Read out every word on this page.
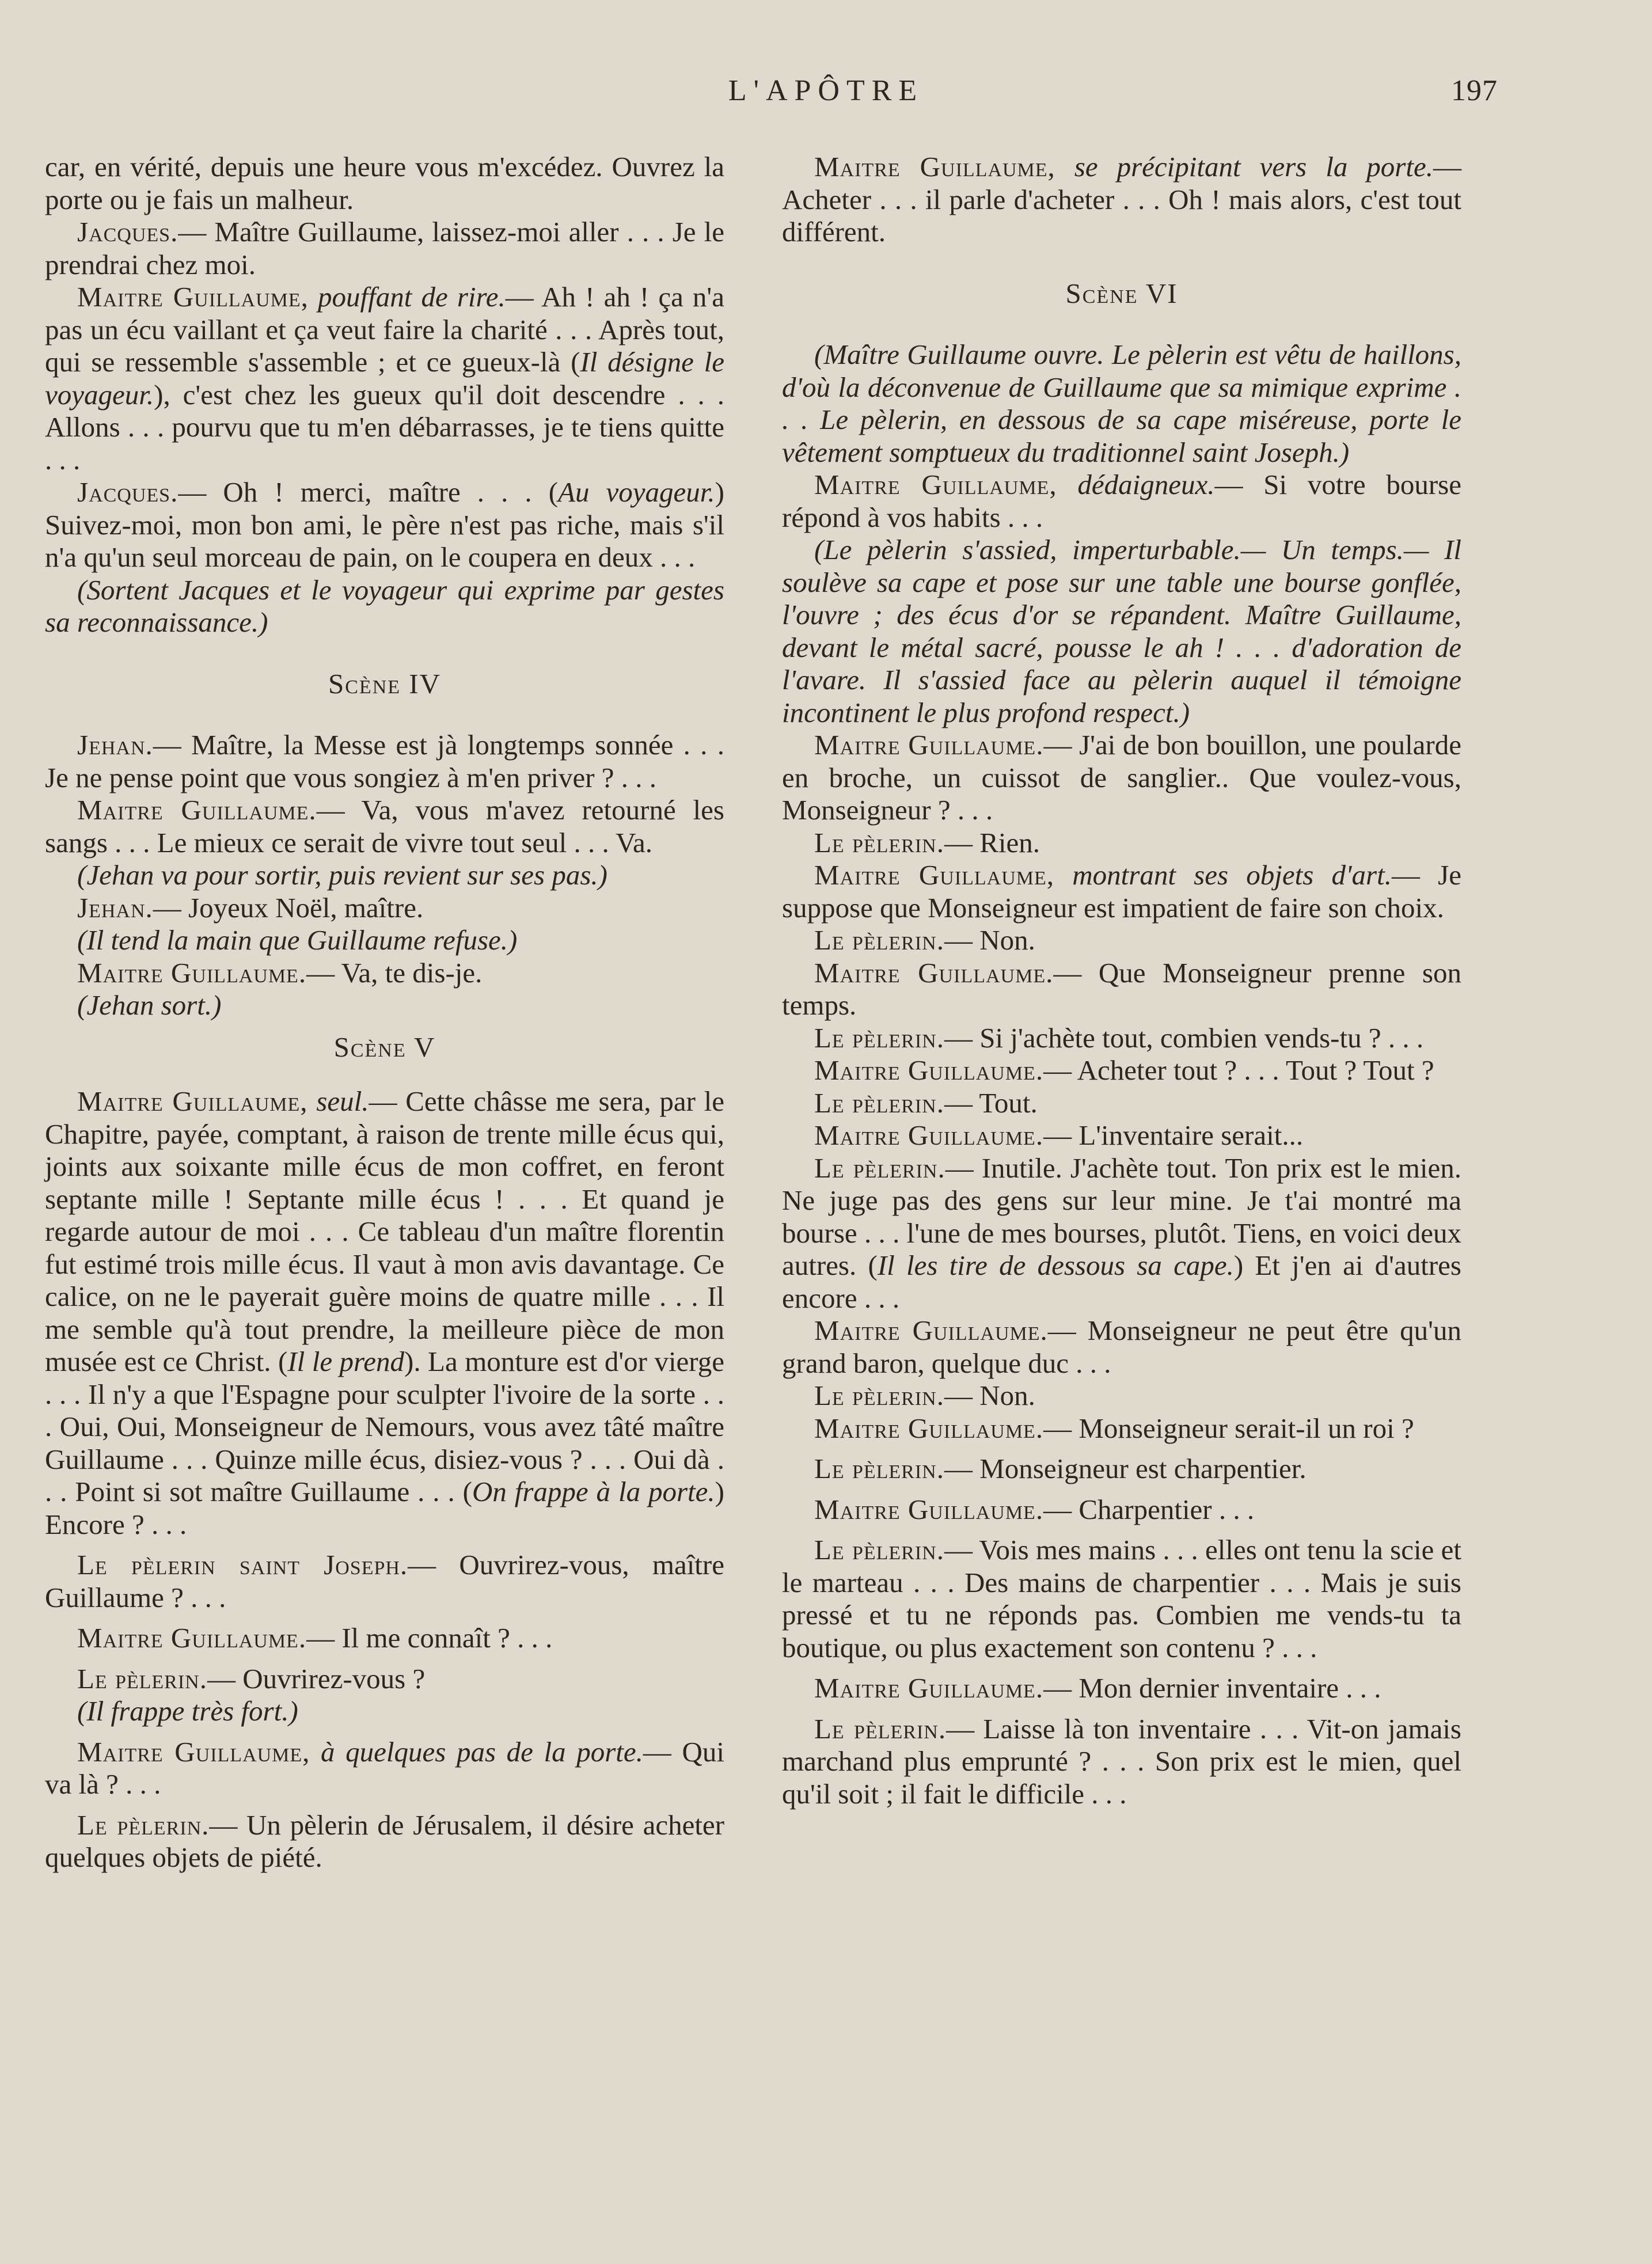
L'APÔTRE	197

car, en vérité, depuis une heure vous m'excédez. Ouvrez la porte ou je fais un malheur.

Jacques.— Maître Guillaume, laissez-moi aller . . . Je le prendrai chez moi.

Maitre Guillaume, pouffant de rire.— Ah ! ah ! ça n'a pas un écu vaillant et ça veut faire la charité . . . Après tout, qui se ressemble s'assemble ; et ce gueux-là (Il désigne le voyageur.), c'est chez les gueux qu'il doit descendre . . . Allons . . . pourvu que tu m'en débarrasses, je te tiens quitte . . .

Jacques.— Oh ! merci, maître . . . (Au voyageur.) Suivez-moi, mon bon ami, le père n'est pas riche, mais s'il n'a qu'un seul morceau de pain, on le coupera en deux . . .

(Sortent Jacques et le voyageur qui exprime par gestes sa reconnaissance.)

Scène IV

Jehan.— Maître, la Messe est jà longtemps sonnée . . . Je ne pense point que vous songiez à m'en priver ? . . .

Maitre Guillaume.— Va, vous m'avez retourné les sangs . . . Le mieux ce serait de vivre tout seul . . . Va.

(Jehan va pour sortir, puis revient sur ses pas.)

Jehan.— Joyeux Noël, maître.

(Il tend la main que Guillaume refuse.)

Maitre Guillaume.— Va, te dis-je.

(Jehan sort.)

Scène V

Maitre Guillaume, seul.— Cette châsse me sera, par le Chapitre, payée, comptant, à raison de trente mille écus qui, joints aux soixante mille écus de mon coffret, en feront septante mille ! Septante mille écus ! . . . Et quand je regarde autour de moi . . . Ce tableau d'un maître florentin fut estimé trois mille écus. Il vaut à mon avis davantage. Ce calice, on ne le payerait guère moins de quatre mille . . . Il me semble qu'à tout prendre, la meilleure pièce de mon musée est ce Christ. (Il le prend). La monture est d'or vierge . . . Il n'y a que l'Espagne pour sculpter l'ivoire de la sorte . . . Oui, Oui, Monseigneur de Nemours, vous avez tâté maître Guillaume . . . Quinze mille écus, disiez-vous ? . . . Oui dà . . . Point si sot maître Guillaume . . . (On frappe à la porte.) Encore ? . . .

Le pèlerin saint Joseph.— Ouvrirez-vous, maître Guillaume ? . . .

Maitre Guillaume.— Il me connaît ? . . .

Le pèlerin.— Ouvrirez-vous ?

(Il frappe très fort.)

Maitre Guillaume, à quelques pas de la porte.— Qui va là ? . . .

Le pèlerin.— Un pèlerin de Jérusalem, il désire acheter quelques objets de piété.

Maitre Guillaume, se précipitant vers la porte.— Acheter . . . il parle d'acheter . . . Oh ! mais alors, c'est tout différent.

Scène VI

(Maître Guillaume ouvre. Le pèlerin est vêtu de haillons, d'où la déconvenue de Guillaume que sa mimique exprime . . . Le pèlerin, en dessous de sa cape miséreuse, porte le vêtement somptueux du traditionnel saint Joseph.)

Maitre Guillaume, dédaigneux.— Si votre bourse répond à vos habits . . .

(Le pèlerin s'assied, imperturbable.— Un temps.— Il soulève sa cape et pose sur une table une bourse gonflée, l'ouvre ; des écus d'or se répandent. Maître Guillaume, devant le métal sacré, pousse le ah ! . . . d'adoration de l'avare. Il s'assied face au pèlerin auquel il témoigne incontinent le plus profond respect.)

Maitre Guillaume.— J'ai de bon bouillon, une poularde en broche, un cuissot de sanglier.. Que voulez-vous, Monseigneur ? . . .

Le pèlerin.— Rien.

Maitre Guillaume, montrant ses objets d'art.— Je suppose que Monseigneur est impatient de faire son choix.

Le pèlerin.— Non.

Maitre Guillaume.— Que Monseigneur prenne son temps.

Le pèlerin.— Si j'achète tout, combien vends-tu ? . . .

Maitre Guillaume.— Acheter tout ? . . . Tout ? Tout ?

Le pèlerin.— Tout.

Maitre Guillaume.— L'inventaire serait...

Le pèlerin.— Inutile. J'achète tout. Ton prix est le mien. Ne juge pas des gens sur leur mine. Je t'ai montré ma bourse . . . l'une de mes bourses, plutôt. Tiens, en voici deux autres. (Il les tire de dessous sa cape.) Et j'en ai d'autres encore . . .

Maitre Guillaume.— Monseigneur ne peut être qu'un grand baron, quelque duc . . .

Le pèlerin.— Non.

Maitre Guillaume.— Monseigneur serait-il un roi ?

Le pèlerin.— Monseigneur est charpentier.

Maitre Guillaume.— Charpentier . . .

Le pèlerin.— Vois mes mains . . . elles ont tenu la scie et le marteau . . . Des mains de charpentier . . . Mais je suis pressé et tu ne réponds pas. Combien me vends-tu ta boutique, ou plus exactement son contenu ? . . .

Maitre Guillaume.— Mon dernier inventaire . . .

Le pèlerin.— Laisse là ton inventaire . . . Vit-on jamais marchand plus emprunté ? . . . Son prix est le mien, quel qu'il soit ; il fait le difficile . . .
